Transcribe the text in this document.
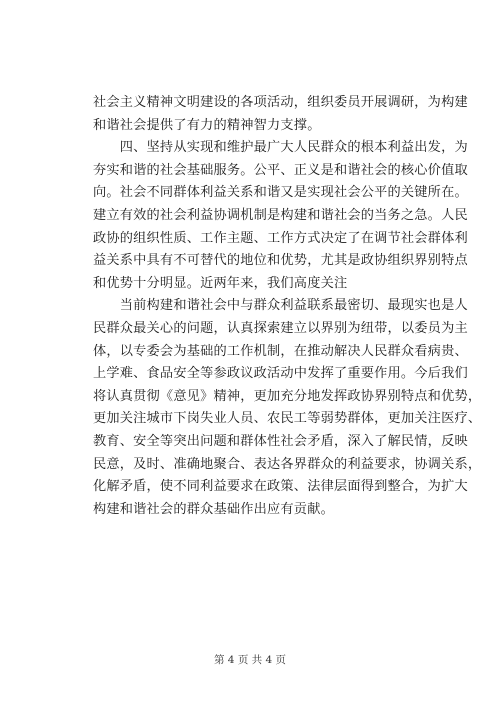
社会主义精神文明建设的各项活动，组织委员开展调研，为构建
和谐社会提供了有力的精神智力支撑。
　　四、坚持从实现和维护最广大人民群众的根本利益出发，为
夯实和谐的社会基础服务。公平、正义是和谐社会的核心价值取
向。社会不同群体利益关系和谐又是实现社会公平的关键所在。
建立有效的社会利益协调机制是构建和谐社会的当务之急。人民
政协的组织性质、工作主题、工作方式决定了在调节社会群体利
益关系中具有不可替代的地位和优势，尤其是政协组织界别特点
和优势十分明显。近两年来，我们高度关注
　　当前构建和谐社会中与群众利益联系最密切、最现实也是人
民群众最关心的问题，认真探索建立以界别为纽带，以委员为主
体，以专委会为基础的工作机制，在推动解决人民群众看病贵、
上学难、食品安全等参政议政活动中发挥了重要作用。今后我们
将认真贯彻《意见》精神，更加充分地发挥政协界别特点和优势，
更加关注城市下岗失业人员、农民工等弱势群体，更加关注医疗、
教育、安全等突出问题和群体性社会矛盾，深入了解民情，反映
民意，及时、准确地聚合、表达各界群众的利益要求，协调关系，
化解矛盾，使不同利益要求在政策、法律层面得到整合，为扩大
构建和谐社会的群众基础作出应有贡献。
第 4 页 共 4 页
